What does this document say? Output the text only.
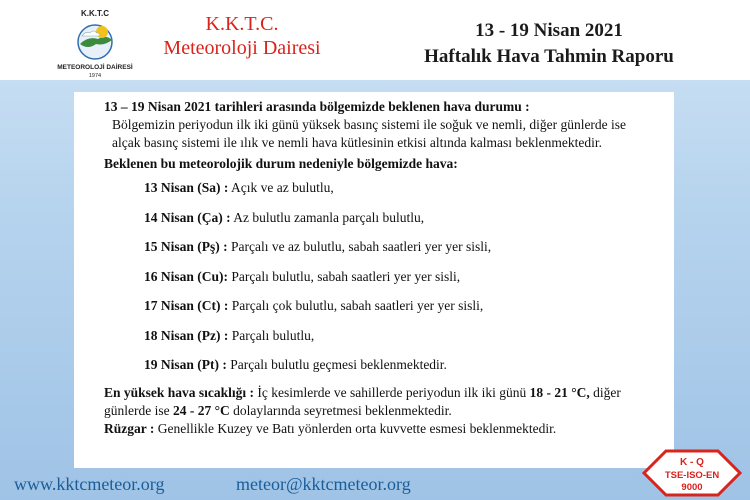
K.K.T.C
METEOROLOJİ DAİRESİ
1974
K.K.T.C.
Meteoroloji Dairesi
13 - 19 Nisan 2021
Haftalık Hava Tahmin Raporu

13 – 19 Nisan 2021 tarihleri arasında bölgemizde beklenen hava durumu :

Bölgemizin periyodun ilk iki günü yüksek basınç sistemi ile soğuk ve nemli, diğer günlerde ise alçak basınç sistemi ile ılık ve nemli hava kütlesinin etkisi altında kalması beklenmektedir.

Beklenen bu meteorolojik durum nedeniyle bölgemizde hava:

13 Nisan (Sa) : Açık ve az bulutlu,
14 Nisan (Ça) : Az bulutlu zamanla parçalı bulutlu,
15 Nisan (Pş) : Parçalı ve az bulutlu, sabah saatleri yer yer sisli,
16 Nisan (Cu): Parçalı bulutlu, sabah saatleri yer yer sisli,
17 Nisan (Ct) : Parçalı çok bulutlu, sabah saatleri yer yer sisli,
18 Nisan (Pz) : Parçalı bulutlu,
19 Nisan (Pt) : Parçalı bulutlu geçmesi beklenmektedir.

En yüksek hava sıcaklığı : İç kesimlerde ve sahillerde periyodun ilk iki günü 18 - 21 °C, diğer günlerde ise 24 - 27 °C dolaylarında seyretmesi beklenmektedir.

Rüzgar : Genellikle Kuzey ve Batı yönlerden orta kuvvette esmesi beklenmektedir.

www.kktcmeteor.org	meteor@kktcmeteor.org
K - Q
TSE-ISO-EN
9000
